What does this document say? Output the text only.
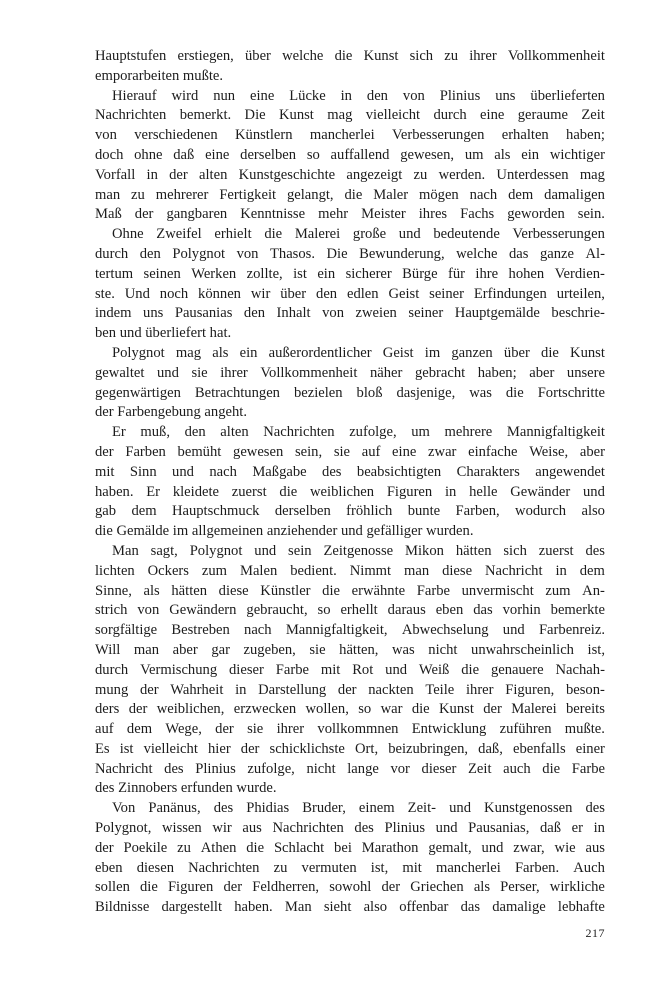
Hauptstufen erstiegen, über welche die Kunst sich zu ihrer Vollkommenheit
emporarbeiten mußte.
Hierauf wird nun eine Lücke in den von Plinius uns überlieferten
Nachrichten bemerkt. Die Kunst mag vielleicht durch eine geraume Zeit
von verschiedenen Künstlern mancherlei Verbesserungen erhalten haben;
doch ohne daß eine derselben so auffallend gewesen, um als ein wichtiger
Vorfall in der alten Kunstgeschichte angezeigt zu werden. Unterdessen mag
man zu mehrerer Fertigkeit gelangt, die Maler mögen nach dem damaligen
Maß der gangbaren Kenntnisse mehr Meister ihres Fachs geworden sein.
Ohne Zweifel erhielt die Malerei große und bedeutende Verbesserungen
durch den Polygnot von Thasos. Die Bewunderung, welche das ganze Al-
tertum seinen Werken zollte, ist ein sicherer Bürge für ihre hohen Verdien-
ste. Und noch können wir über den edlen Geist seiner Erfindungen urteilen,
indem uns Pausanias den Inhalt von zweien seiner Hauptgemälde beschrie-
ben und überliefert hat.
Polygnot mag als ein außerordentlicher Geist im ganzen über die Kunst
gewaltet und sie ihrer Vollkommenheit näher gebracht haben; aber unsere
gegenwärtigen Betrachtungen bezielen bloß dasjenige, was die Fortschritte
der Farbengebung angeht.
Er muß, den alten Nachrichten zufolge, um mehrere Mannigfaltigkeit
der Farben bemüht gewesen sein, sie auf eine zwar einfache Weise, aber
mit Sinn und nach Maßgabe des beabsichtigten Charakters angewendet
haben. Er kleidete zuerst die weiblichen Figuren in helle Gewänder und
gab dem Hauptschmuck derselben fröhlich bunte Farben, wodurch also
die Gemälde im allgemeinen anziehender und gefälliger wurden.
Man sagt, Polygnot und sein Zeitgenosse Mikon hätten sich zuerst des
lichten Ockers zum Malen bedient. Nimmt man diese Nachricht in dem
Sinne, als hätten diese Künstler die erwähnte Farbe unvermischt zum An-
strich von Gewändern gebraucht, so erhellt daraus eben das vorhin bemerkte
sorgfältige Bestreben nach Mannigfaltigkeit, Abwechselung und Farbenreiz.
Will man aber gar zugeben, sie hätten, was nicht unwahrscheinlich ist,
durch Vermischung dieser Farbe mit Rot und Weiß die genauere Nachah-
mung der Wahrheit in Darstellung der nackten Teile ihrer Figuren, beson-
ders der weiblichen, erzwecken wollen, so war die Kunst der Malerei bereits
auf dem Wege, der sie ihrer vollkommnen Entwicklung zuführen mußte.
Es ist vielleicht hier der schicklichste Ort, beizubringen, daß, ebenfalls einer
Nachricht des Plinius zufolge, nicht lange vor dieser Zeit auch die Farbe
des Zinnobers erfunden wurde.
Von Panänus, des Phidias Bruder, einem Zeit- und Kunstgenossen des
Polygnot, wissen wir aus Nachrichten des Plinius und Pausanias, daß er in
der Poekile zu Athen die Schlacht bei Marathon gemalt, und zwar, wie aus
eben diesen Nachrichten zu vermuten ist, mit mancherlei Farben. Auch
sollen die Figuren der Feldherren, sowohl der Griechen als Perser, wirkliche
Bildnisse dargestellt haben. Man sieht also offenbar das damalige lebhafte
217
